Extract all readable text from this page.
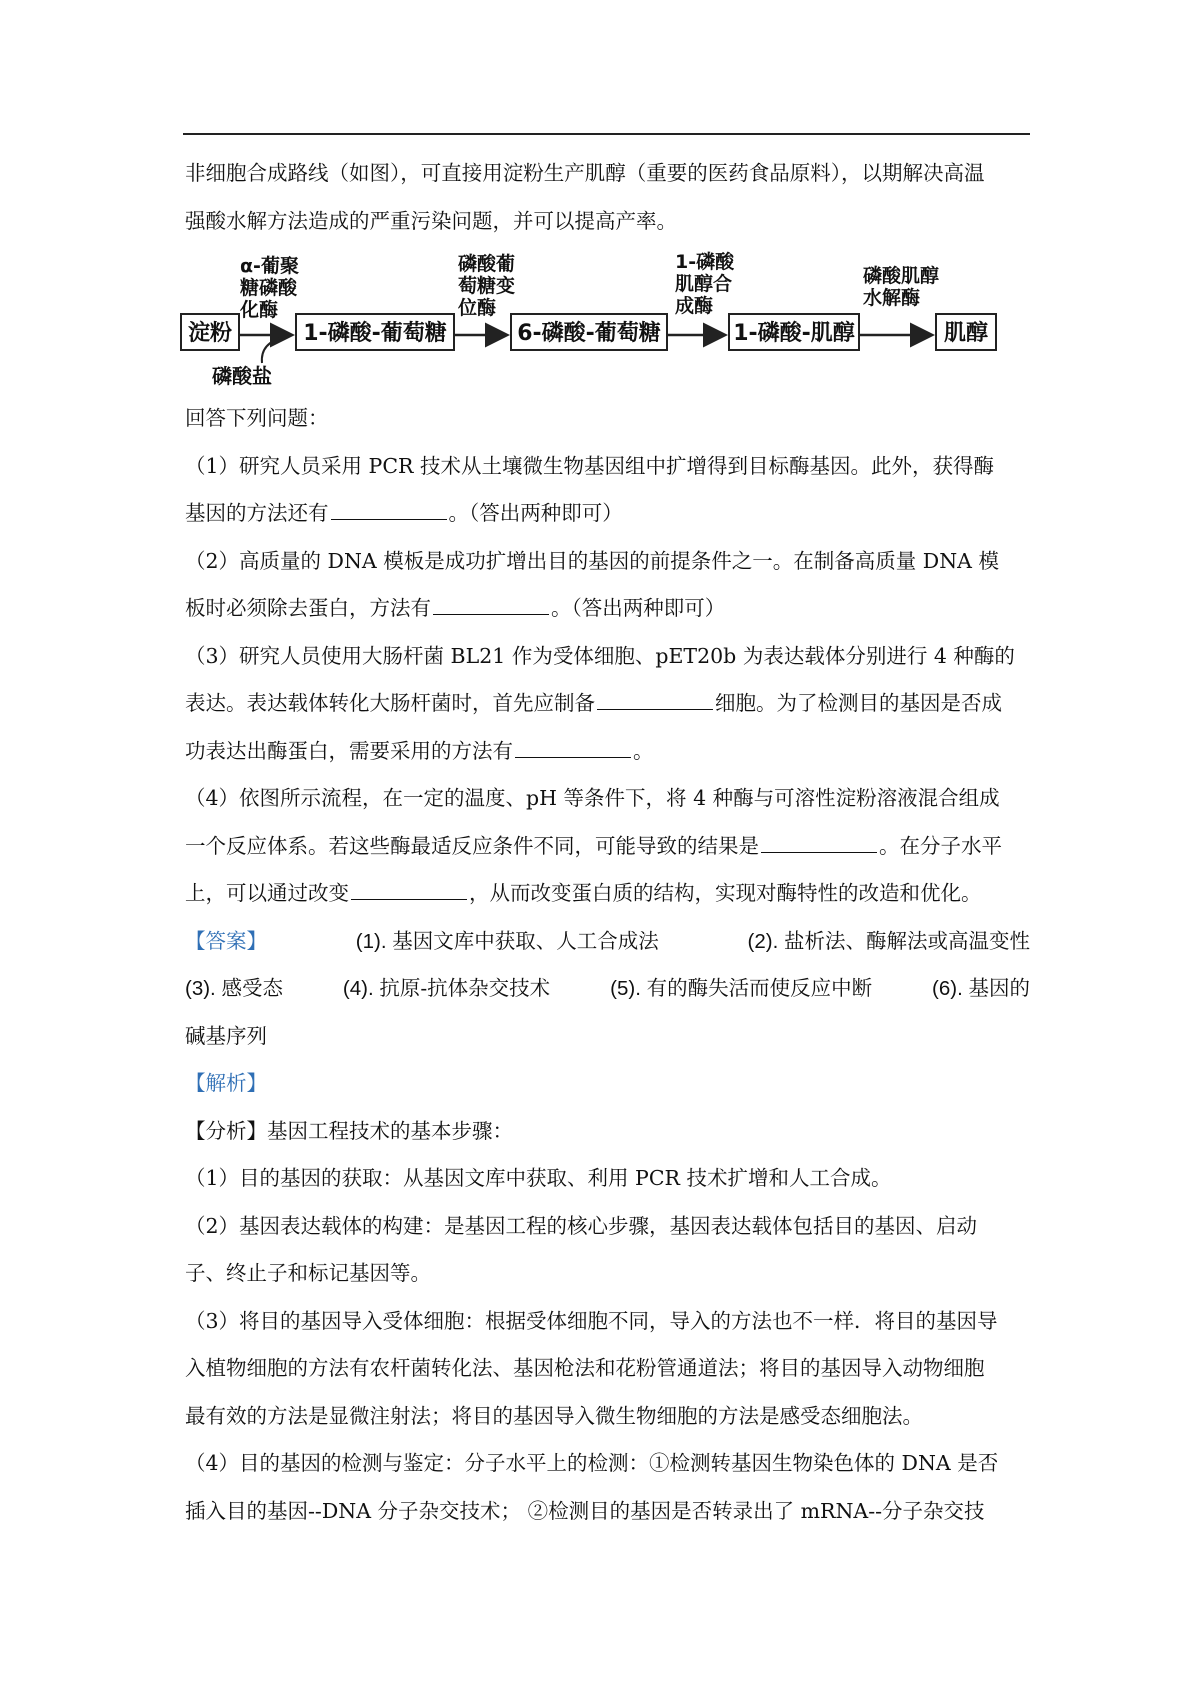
非细胞合成路线（如图），可直接用淀粉生产肌醇（重要的医药食品原料），以期解决高温
强酸水解方法造成的严重污染问题，并可以提高产率。
淀粉	1-磷酸-葡萄糖	6-磷酸-葡萄糖	1-磷酸-肌醇	肌醇
α-葡聚
糖磷酸
化酶
磷酸葡
萄糖变
位酶
1-磷酸
肌醇合
成酶
磷酸肌醇
水解酶
磷酸盐
回答下列问题：
（1）研究人员采用 PCR 技术从土壤微生物基因组中扩增得到目标酶基因。此外，获得酶
基因的方法还有	。（答出两种即可）
（2）高质量的 DNA 模板是成功扩增出目的基因的前提条件之一。在制备高质量 DNA 模
板时必须除去蛋白，方法有	。（答出两种即可）
（3）研究人员使用大肠杆菌 BL21 作为受体细胞、pET20b 为表达载体分别进行 4 种酶的
表达。表达载体转化大肠杆菌时，首先应制备	细胞。为了检测目的基因是否成
功表达出酶蛋白，需要采用的方法有	。
（4）依图所示流程，在一定的温度、pH 等条件下，将 4 种酶与可溶性淀粉溶液混合组成
一个反应体系。若这些酶最适反应条件不同，可能导致的结果是	。在分子水平
上，可以通过改变	，从而改变蛋白质的结构，实现对酶特性的改造和优化。
【答案】	(1). 基因文库中获取、人工合成法	(2). 盐析法、酶解法或高温变性
(3). 感受态	(4). 抗原-抗体杂交技术	(5). 有的酶失活而使反应中断	(6). 基因的
碱基序列
【解析】
【分析】基因工程技术的基本步骤：
（1）目的基因的获取：从基因文库中获取、利用 PCR 技术扩增和人工合成。
（2）基因表达载体的构建：是基因工程的核心步骤，基因表达载体包括目的基因、启动
子、终止子和标记基因等。
（3）将目的基因导入受体细胞：根据受体细胞不同，导入的方法也不一样．将目的基因导
入植物细胞的方法有农杆菌转化法、基因枪法和花粉管通道法；将目的基因导入动物细胞
最有效的方法是显微注射法；将目的基因导入微生物细胞的方法是感受态细胞法。
（4）目的基因的检测与鉴定：分子水平上的检测：①检测转基因生物染色体的 DNA 是否
插入目的基因--DNA 分子杂交技术； ②检测目的基因是否转录出了 mRNA--分子杂交技
